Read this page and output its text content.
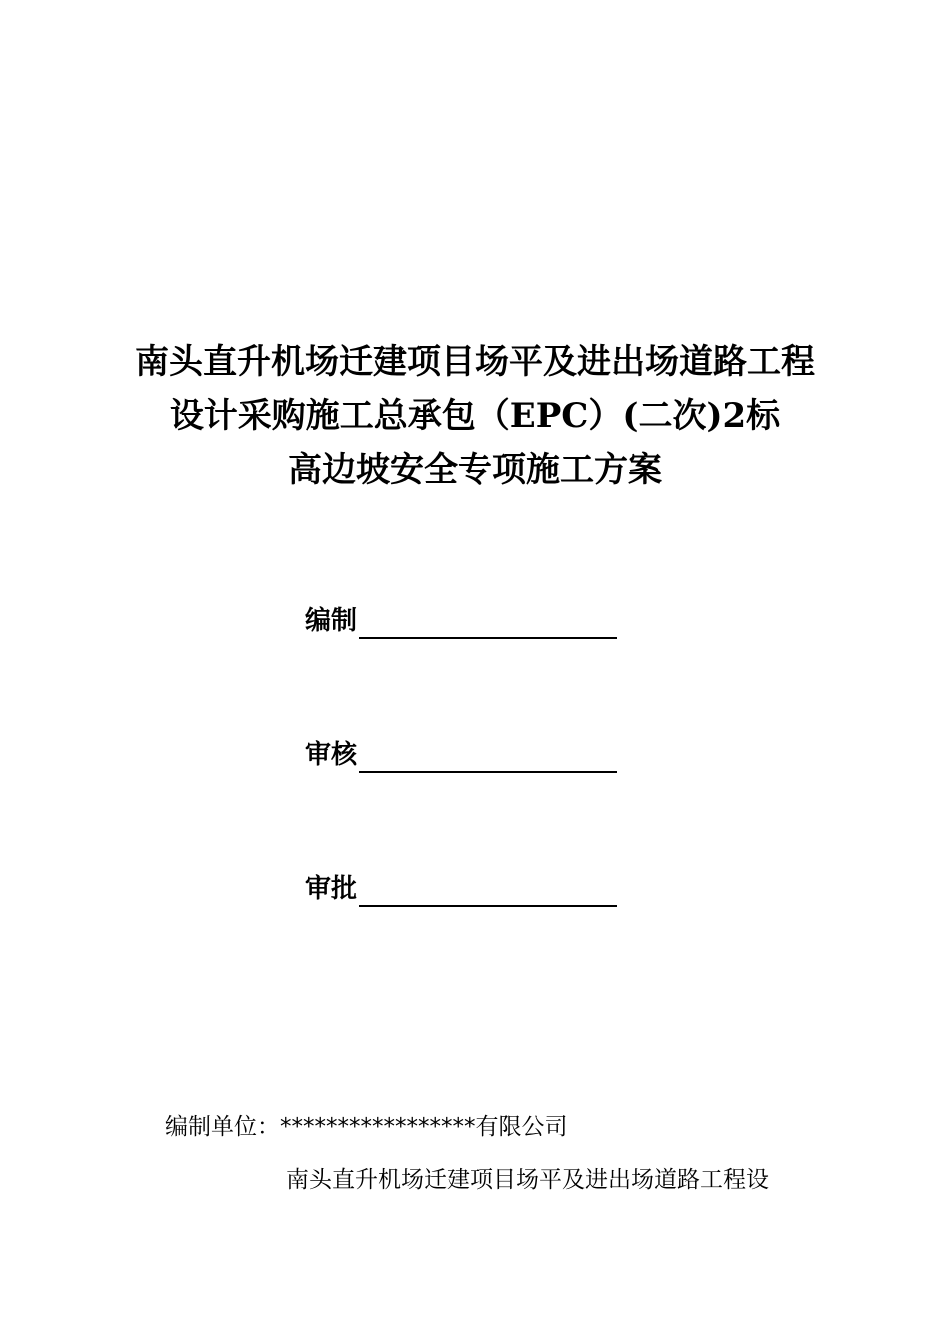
南头直升机场迁建项目场平及进出场道路工程
设计采购施工总承包（EPC）(二次)2标
高边坡安全专项施工方案
编制
审核
审批
编制单位：*****************有限公司
南头直升机场迁建项目场平及进出场道路工程设
